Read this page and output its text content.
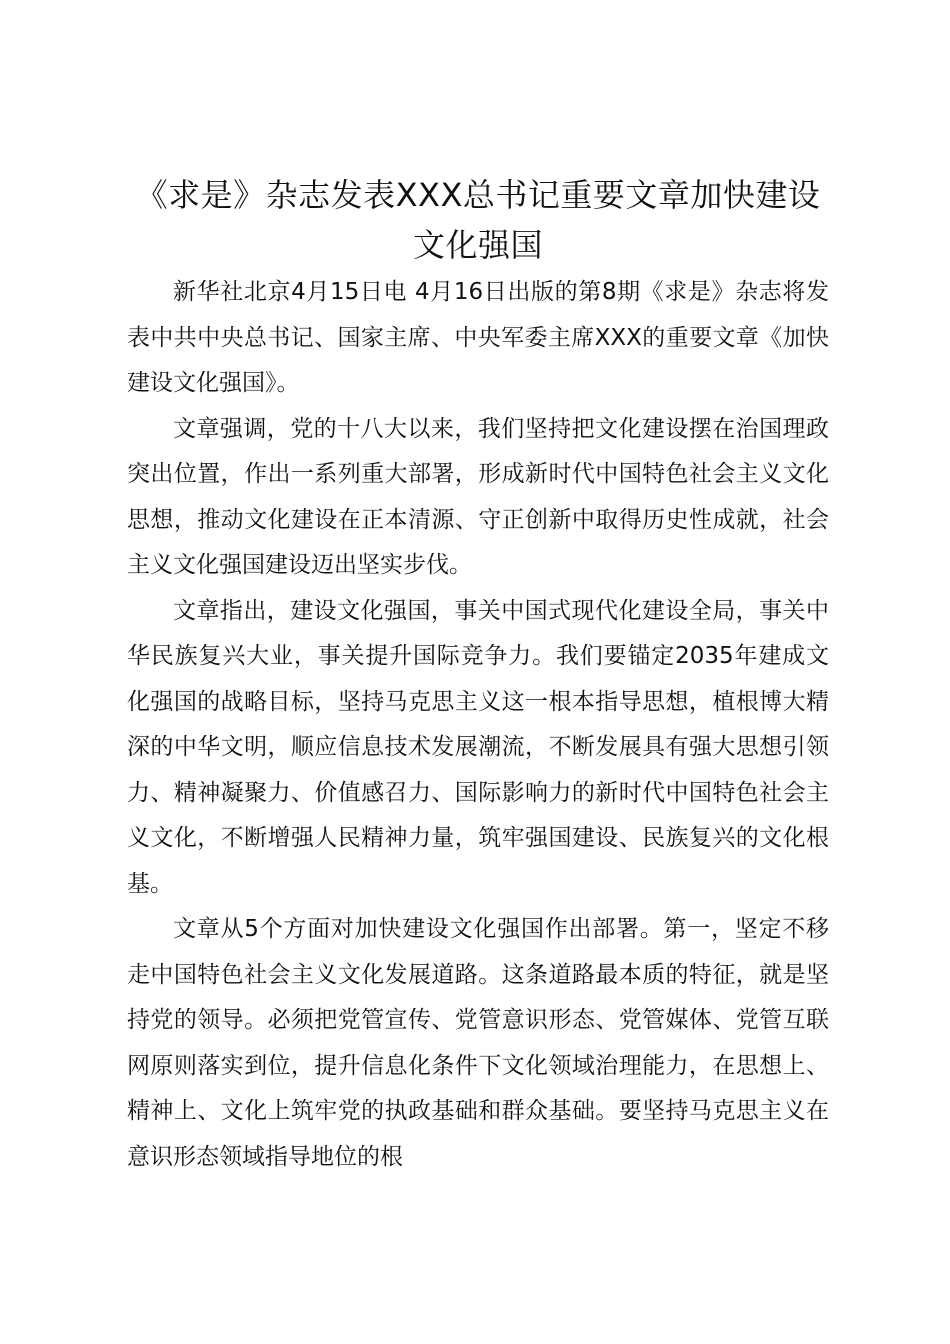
《求是》杂志发表XXX总书记重要文章加快建设文化强国

新华社北京4月15日电 4月16日出版的第8期《求是》杂志将发表中共中央总书记、国家主席、中央军委主席XXX的重要文章《加快建设文化强国》。

文章强调，党的十八大以来，我们坚持把文化建设摆在治国理政突出位置，作出一系列重大部署，形成新时代中国特色社会主义文化思想，推动文化建设在正本清源、守正创新中取得历史性成就，社会主义文化强国建设迈出坚实步伐。

文章指出，建设文化强国，事关中国式现代化建设全局，事关中华民族复兴大业，事关提升国际竞争力。我们要锚定2035年建成文化强国的战略目标，坚持马克思主义这一根本指导思想，植根博大精深的中华文明，顺应信息技术发展潮流，不断发展具有强大思想引领力、精神凝聚力、价值感召力、国际影响力的新时代中国特色社会主义文化，不断增强人民精神力量，筑牢强国建设、民族复兴的文化根基。

文章从5个方面对加快建设文化强国作出部署。第一，坚定不移走中国特色社会主义文化发展道路。这条道路最本质的特征，就是坚持党的领导。必须把党管宣传、党管意识形态、党管媒体、党管互联网原则落实到位，提升信息化条件下文化领域治理能力，在思想上、精神上、文化上筑牢党的执政基础和群众基础。要坚持马克思主义在意识形态领域指导地位的根
